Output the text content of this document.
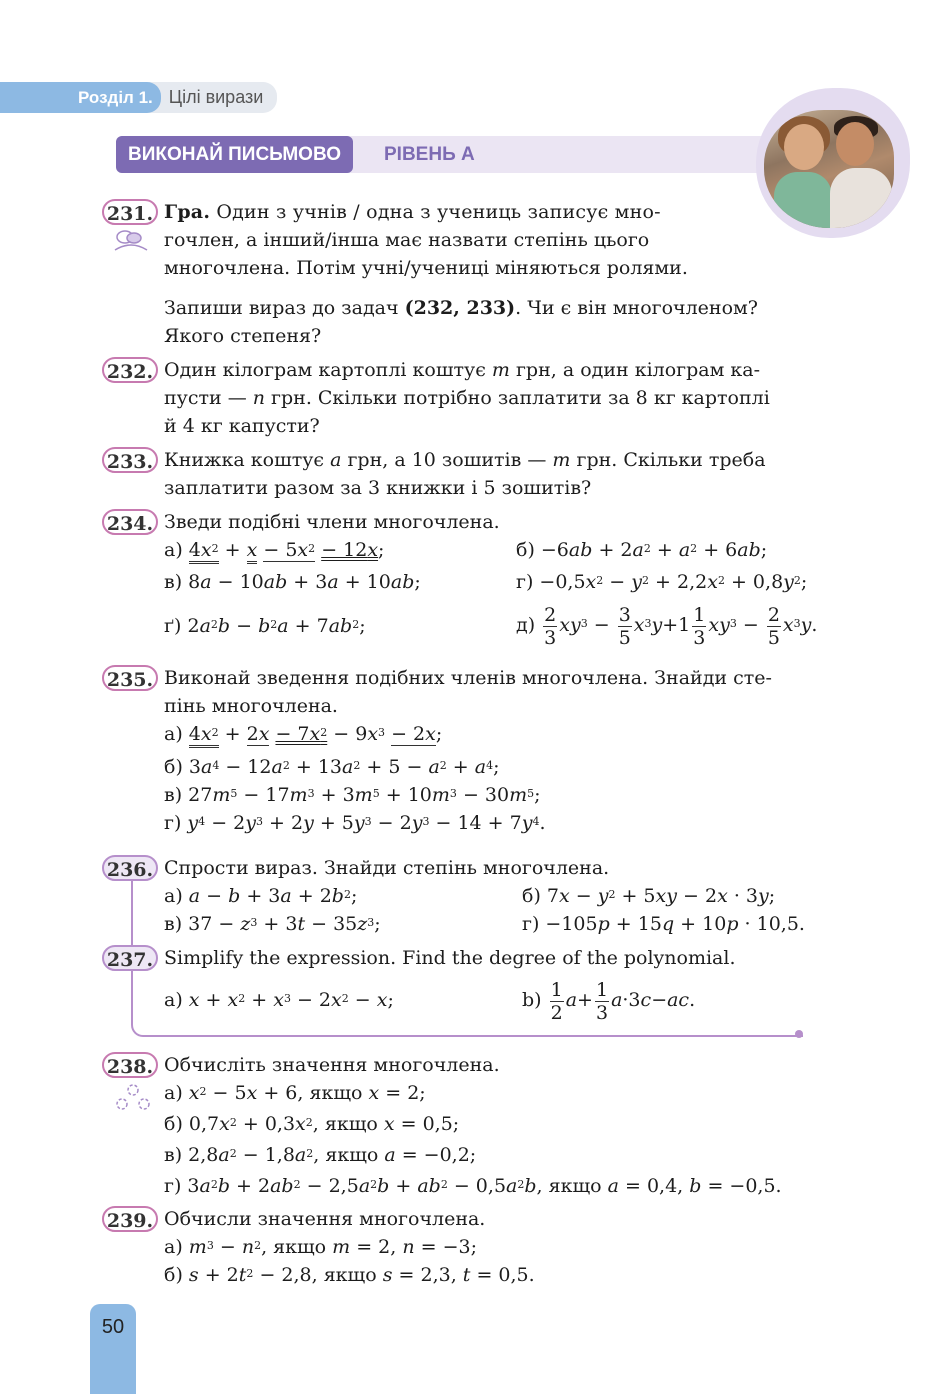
Розділ 1. Цілі вирази
ВИКОНАЙ ПИСЬМОВО	РІВЕНЬ А
231. Гра. Один з учнів / одна з учениць записує мно-
гочлен, а інший/інша має назвати степінь цього
многочлена. Потім учні/учениці міняються ролями.
Запиши вираз до задач (232, 233). Чи є він многочленом?
Якого степеня?
232. Один кілограм картоплі коштує m грн, а один кілограм ка-
пусти — n грн. Скільки потрібно заплатити за 8 кг картоплі
й 4 кг капусти?
233. Книжка коштує a грн, а 10 зошитів — m грн. Скільки треба
заплатити разом за 3 книжки і 5 зошитів?
234. Зведи подібні члени многочлена.
а) $4x^2 + x - 5x^2 - 12x$;	$б) -6ab + 2a^2 + a^2 + 6ab$;
в) 8a − 10ab + 3a + 10ab;	$г) -0,5x^2 - y^2 + 2,2x^2 + 0,8y^2$;
ґ) $2a^2b - b^2a + 7ab^2$;	$д) \frac{2}{3} xy^3 - \frac{3}{5} x^3y+1 \frac{1}{3} xy^3 - \frac{2}{5} x^3y$.
235. Виконай зведення подібних членів многочлена. Знайди сте-
пінь многочлена.
а) $4x^2 + 2x - 7x^2 - 9x^3 - 2x$;
б) $3a^4 - 12a^2 + 13a^2 + 5 - a^2 + a^4$;
в) $27m^5 - 17m^3 + 3m^5 + 10m^3 - 30m^5$;
г) $y^4 - 2y^3 + 2y + 5y^3 - 2y^3 - 14 + 7y^4$.
236. Спрости вираз. Знайди степінь многочлена.
а) $a - b + 3a + 2b^2$;	б) $7x - y^2 + 5xy - 2x \cdot 3y$;
в) $37 - z^3 + 3t - 35z^3$;	г) −105p + 15q + 10p · 10,5.
237. Simplify the expression. Find the degree of the polynomial.
a) $x + x^2 + x^3 - 2x^2 - x$;	$b) \frac{1}{2} a+ \frac{1}{3} a\cdot 3c-ac$.
238. Обчисліть значення многочлена.
а) $x^2 - 5x + 6$, якщо x = 2;
б) $0,7x^2 + 0,3x^2$, якщо x = 0,5;
в) $2,8a^2 - 1,8a^2$, якщо a = −0,2;
г) $3a^2b + 2ab^2 - 2,5a^2b + ab^2 - 0,5a^2b$, якщо a = 0,4, b = −0,5.
239. Обчисли значення многочлена.
а) $m^3 - n^2$, якщо m = 2, n = −3;
б) $s + 2t^2 - 2,8$, якщо s = 2,3, t = 0,5.
50
